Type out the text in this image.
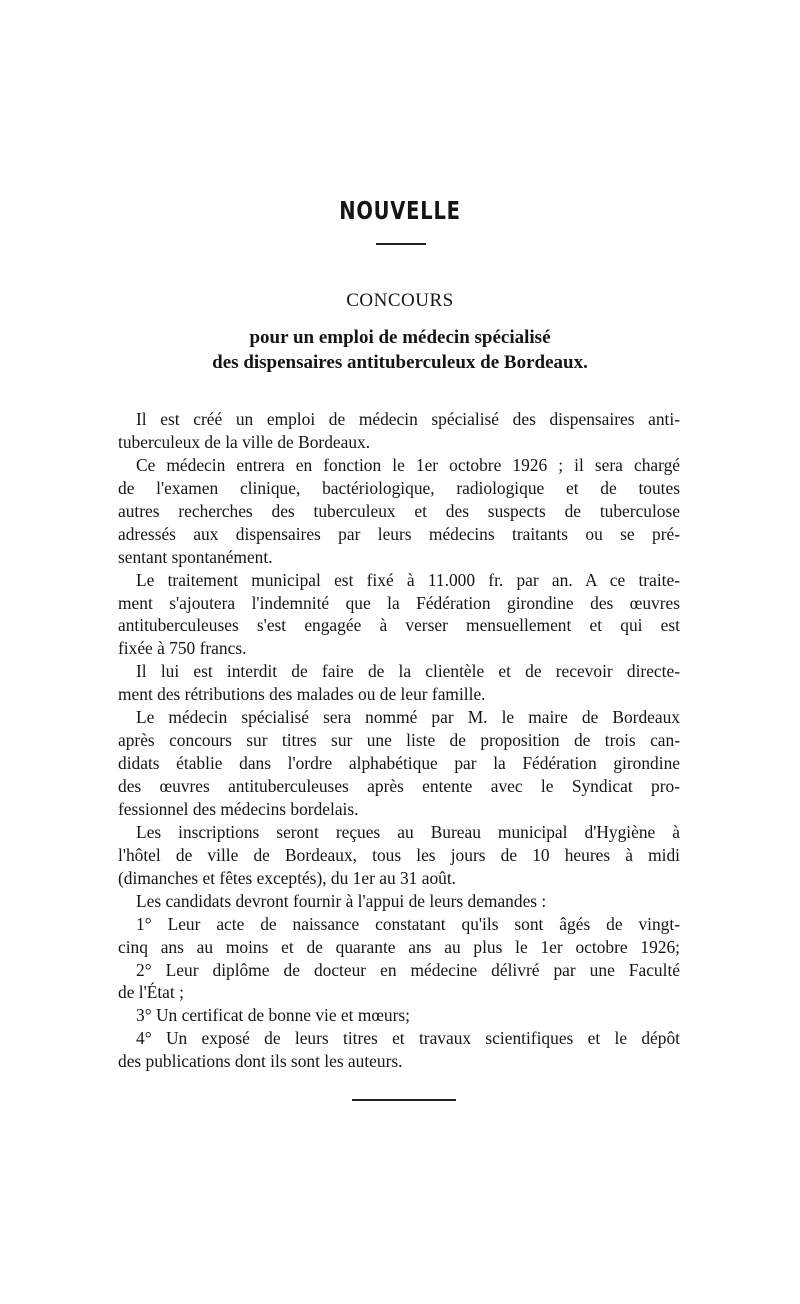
NOUVELLE
CONCOURS
pour un emploi de médecin spécialisé
des dispensaires antituberculeux de Bordeaux.
Il est créé un emploi de médecin spécialisé des dispensaires anti-
tuberculeux de la ville de Bordeaux.
Ce médecin entrera en fonction le 1er octobre 1926 ; il sera chargé
de l'examen clinique, bactériologique, radiologique et de toutes
autres recherches des tuberculeux et des suspects de tuberculose
adressés aux dispensaires par leurs médecins traitants ou se pré-
sentant spontanément.
Le traitement municipal est fixé à 11.000 fr. par an. A ce traite-
ment s'ajoutera l'indemnité que la Fédération girondine des œuvres
antituberculeuses s'est engagée à verser mensuellement et qui est
fixée à 750 francs.
Il lui est interdit de faire de la clientèle et de recevoir directe-
ment des rétributions des malades ou de leur famille.
Le médecin spécialisé sera nommé par M. le maire de Bordeaux
après concours sur titres sur une liste de proposition de trois can-
didats établie dans l'ordre alphabétique par la Fédération girondine
des œuvres antituberculeuses après entente avec le Syndicat pro-
fessionnel des médecins bordelais.
Les inscriptions seront reçues au Bureau municipal d'Hygiène à
l'hôtel de ville de Bordeaux, tous les jours de 10 heures à midi
(dimanches et fêtes exceptés), du 1er au 31 août.
Les candidats devront fournir à l'appui de leurs demandes :
1° Leur acte de naissance constatant qu'ils sont âgés de vingt-
cinq ans au moins et de quarante ans au plus le 1er octobre 1926;
2° Leur diplôme de docteur en médecine délivré par une Faculté
de l'État ;
3° Un certificat de bonne vie et mœurs;
4° Un exposé de leurs titres et travaux scientifiques et le dépôt
des publications dont ils sont les auteurs.
